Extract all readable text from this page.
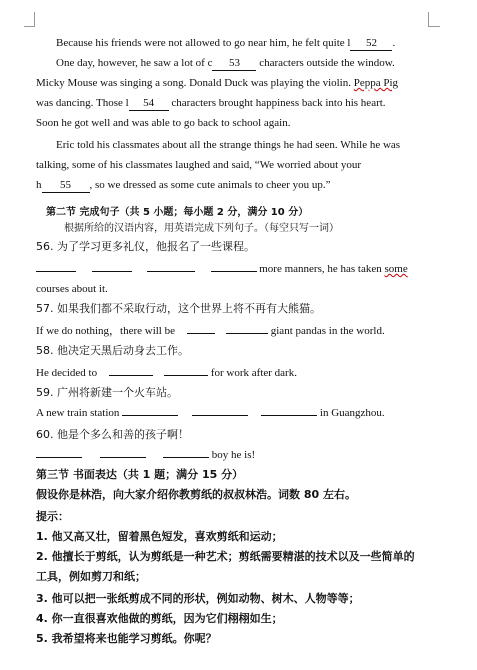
Because his friends were not allowed to go near him, he felt quite l 52 .
One day, however, he saw a lot of c 53 characters outside the window.
Micky Mouse was singing a song. Donald Duck was playing the violin. Peppa Pig
was dancing. Those l 54 characters brought happiness back into his heart.
Soon he got well and was able to go back to school again.
Eric told his classmates about all the strange things he had seen. While he was
talking, some of his classmates laughed and said, “We worried about your
h 55 , so we dressed as some cute animals to cheer you up.”
第二节 完成句子（共 5 小题；每小题 2 分，满分 10 分）
根据所给的汉语内容，用英语完成下列句子。（每空只写一词）
56. 为了学习更多礼仪，他报名了一些课程。
more manners, he has taken some
courses about it.
57. 如果我们都不采取行动，这个世界上将不再有大熊猫。
If we do nothing，there will be	giant pandas in the world.
58. 他决定天黑后动身去工作。
He decided to	for work after dark.
59. 广州将新建一个火车站。
A new train station	in Guangzhou.
60. 他是个多么和善的孩子啊！
boy he is!
第三节 书面表达（共 1 题；满分 15 分）
假设你是林浩，向大家介绍你教剪纸的叔叔林浩。词数 80 左右。
提示：
1. 他又高又壮，留着黑色短发，喜欢剪纸和运动；
2. 他擅长于剪纸，认为剪纸是一种艺术；剪纸需要精湛的技术以及一些简单的
工具，例如剪刀和纸；
3. 他可以把一张纸剪成不同的形状，例如动物、树木、人物等等；
4. 你一直很喜欢他做的剪纸，因为它们栩栩如生；
5. 我希望将来也能学习剪纸。你呢？
